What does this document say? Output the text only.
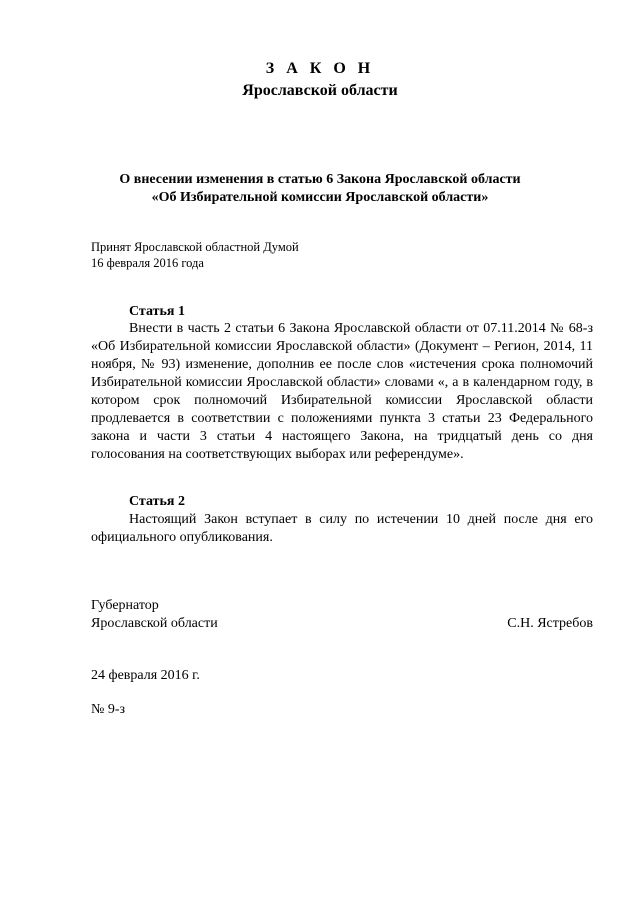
З А К О Н
Ярославской области
О внесении изменения в статью 6 Закона Ярославской области
«Об Избирательной комиссии Ярославской области»
Принят Ярославской областной Думой
16 февраля 2016 года
Статья 1

Внести в часть 2 статьи 6 Закона Ярославской области от 07.11.2014 № 68-з «Об Избирательной комиссии Ярославской области» (Документ – Регион, 2014, 11 ноября, № 93) изменение, дополнив ее после слов «истечения срока полномочий Избирательной комиссии Ярославской области» словами «, а в календарном году, в котором срок полномочий Избирательной комиссии Ярославской области продлевается в соответствии с положениями пункта 3 статьи 23 Федерального закона и части 3 статьи 4 настоящего Закона, на тридцатый день со дня голосования на соответствующих выборах или референдуме».

Статья 2

Настоящий Закон вступает в силу по истечении 10 дней после дня его официального опубликования.

Губернатор
Ярославской области	С.Н. Ястребов
24 февраля 2016 г.
№ 9-з
